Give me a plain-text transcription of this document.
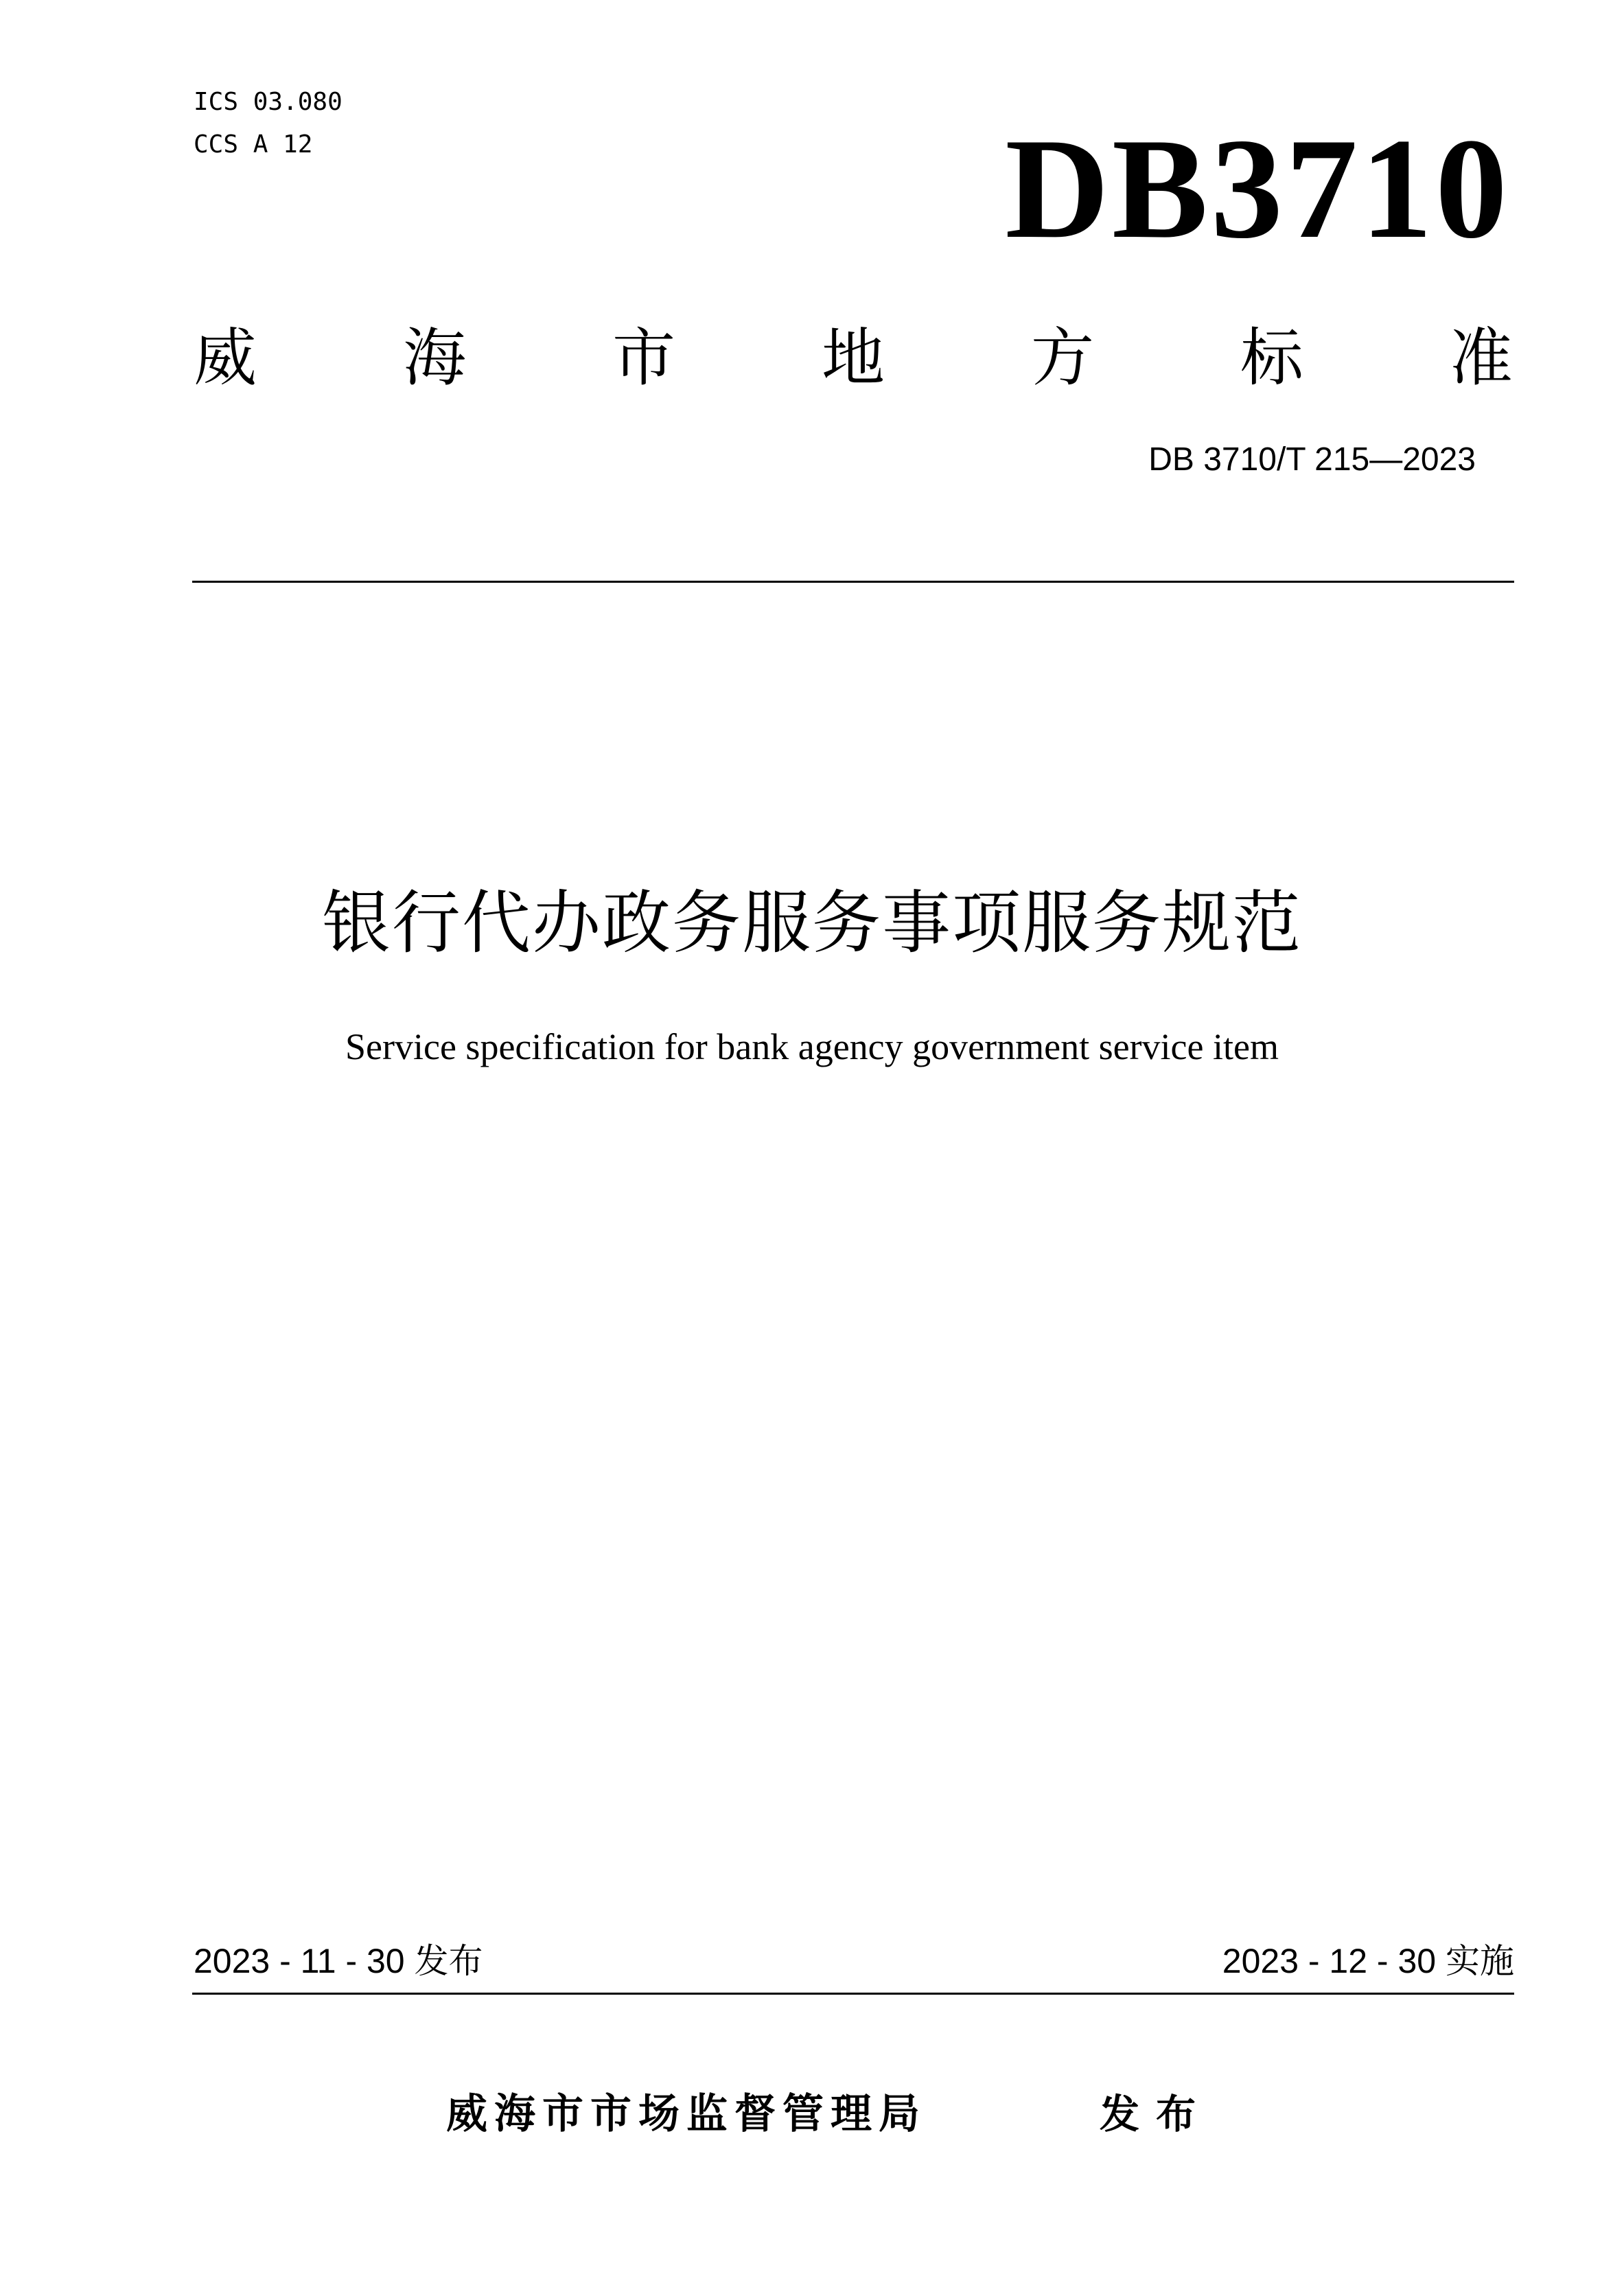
ICS 03.080
CCS A 12	DB3710
威 海 市 地 方 标 准
DB 3710/T 215—2023
银行代办政务服务事项服务规范
Service specification for bank agency government service item
2023 - 11 - 30 发布	2023 - 12 - 30 实施
威海市市场监督管理局	发布
